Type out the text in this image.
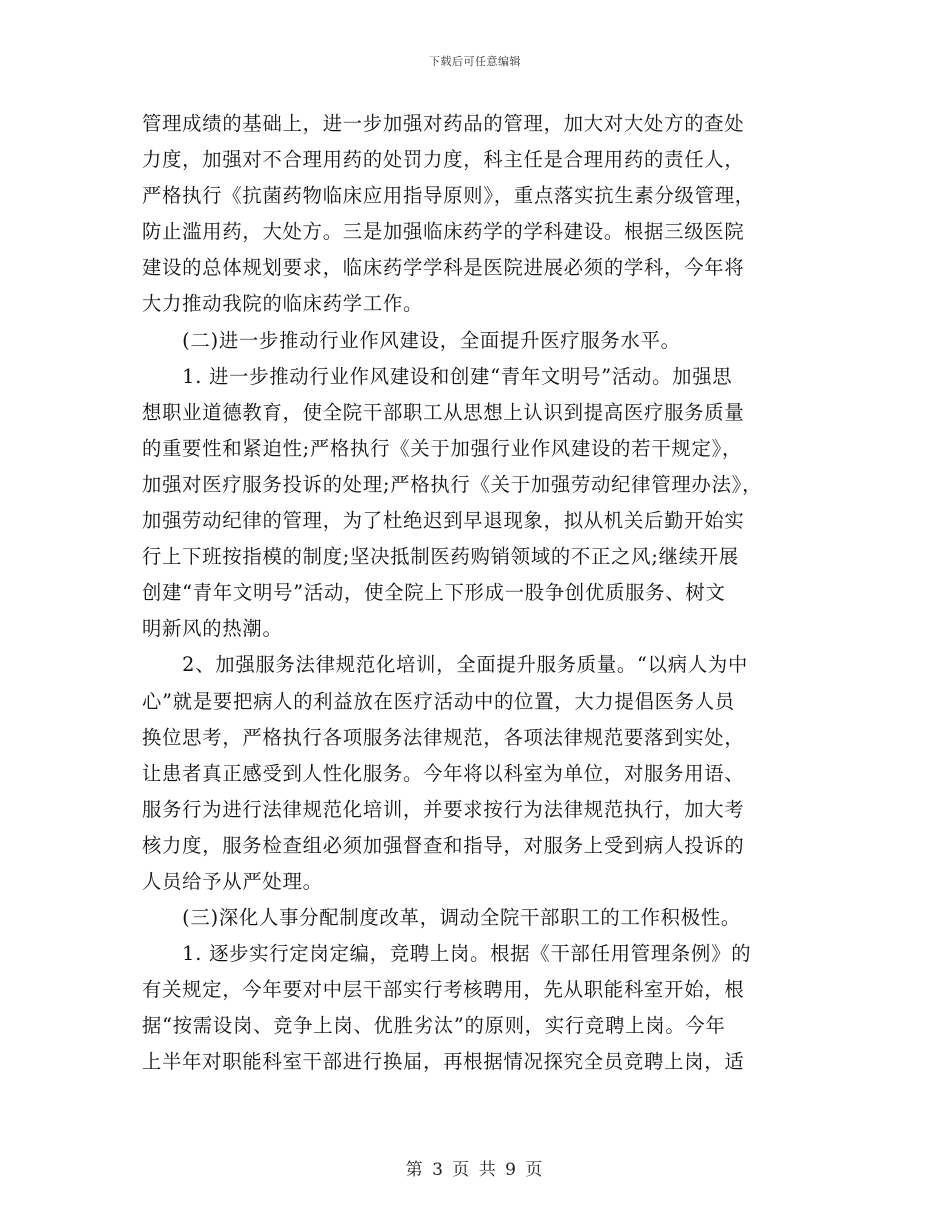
下载后可任意编辑
管理成绩的基础上，进一步加强对药品的管理，加大对大处方的查处
力度，加强对不合理用药的处罚力度，科主任是合理用药的责任人，
严格执行《抗菌药物临床应用指导原则》，重点落实抗生素分级管理，
防止滥用药，大处方。三是加强临床药学的学科建设。根据三级医院
建设的总体规划要求，临床药学学科是医院进展必须的学科，今年将
大力推动我院的临床药学工作。
　　(二)进一步推动行业作风建设，全面提升医疗服务水平。
　　1. 进一步推动行业作风建设和创建“青年文明号”活动。加强思
想职业道德教育，使全院干部职工从思想上认识到提高医疗服务质量
的重要性和紧迫性;严格执行《关于加强行业作风建设的若干规定》，
加强对医疗服务投诉的处理;严格执行《关于加强劳动纪律管理办法》，
加强劳动纪律的管理，为了杜绝迟到早退现象，拟从机关后勤开始实
行上下班按指模的制度;坚决抵制医药购销领域的不正之风;继续开展
创建“青年文明号”活动，使全院上下形成一股争创优质服务、树文
明新风的热潮。
　　2、加强服务法律规范化培训，全面提升服务质量。“以病人为中
心”就是要把病人的利益放在医疗活动中的位置，大力提倡医务人员
换位思考，严格执行各项服务法律规范，各项法律规范要落到实处，
让患者真正感受到人性化服务。今年将以科室为单位，对服务用语、
服务行为进行法律规范化培训，并要求按行为法律规范执行，加大考
核力度，服务检查组必须加强督查和指导，对服务上受到病人投诉的
人员给予从严处理。
　　(三)深化人事分配制度改革，调动全院干部职工的工作积极性。
　　1. 逐步实行定岗定编，竞聘上岗。根据《干部任用管理条例》的
有关规定，今年要对中层干部实行考核聘用，先从职能科室开始，根
据“按需设岗、竞争上岗、优胜劣汰”的原则，实行竞聘上岗。今年
上半年对职能科室干部进行换届，再根据情况探究全员竞聘上岗，适
第 3 页 共 9 页
